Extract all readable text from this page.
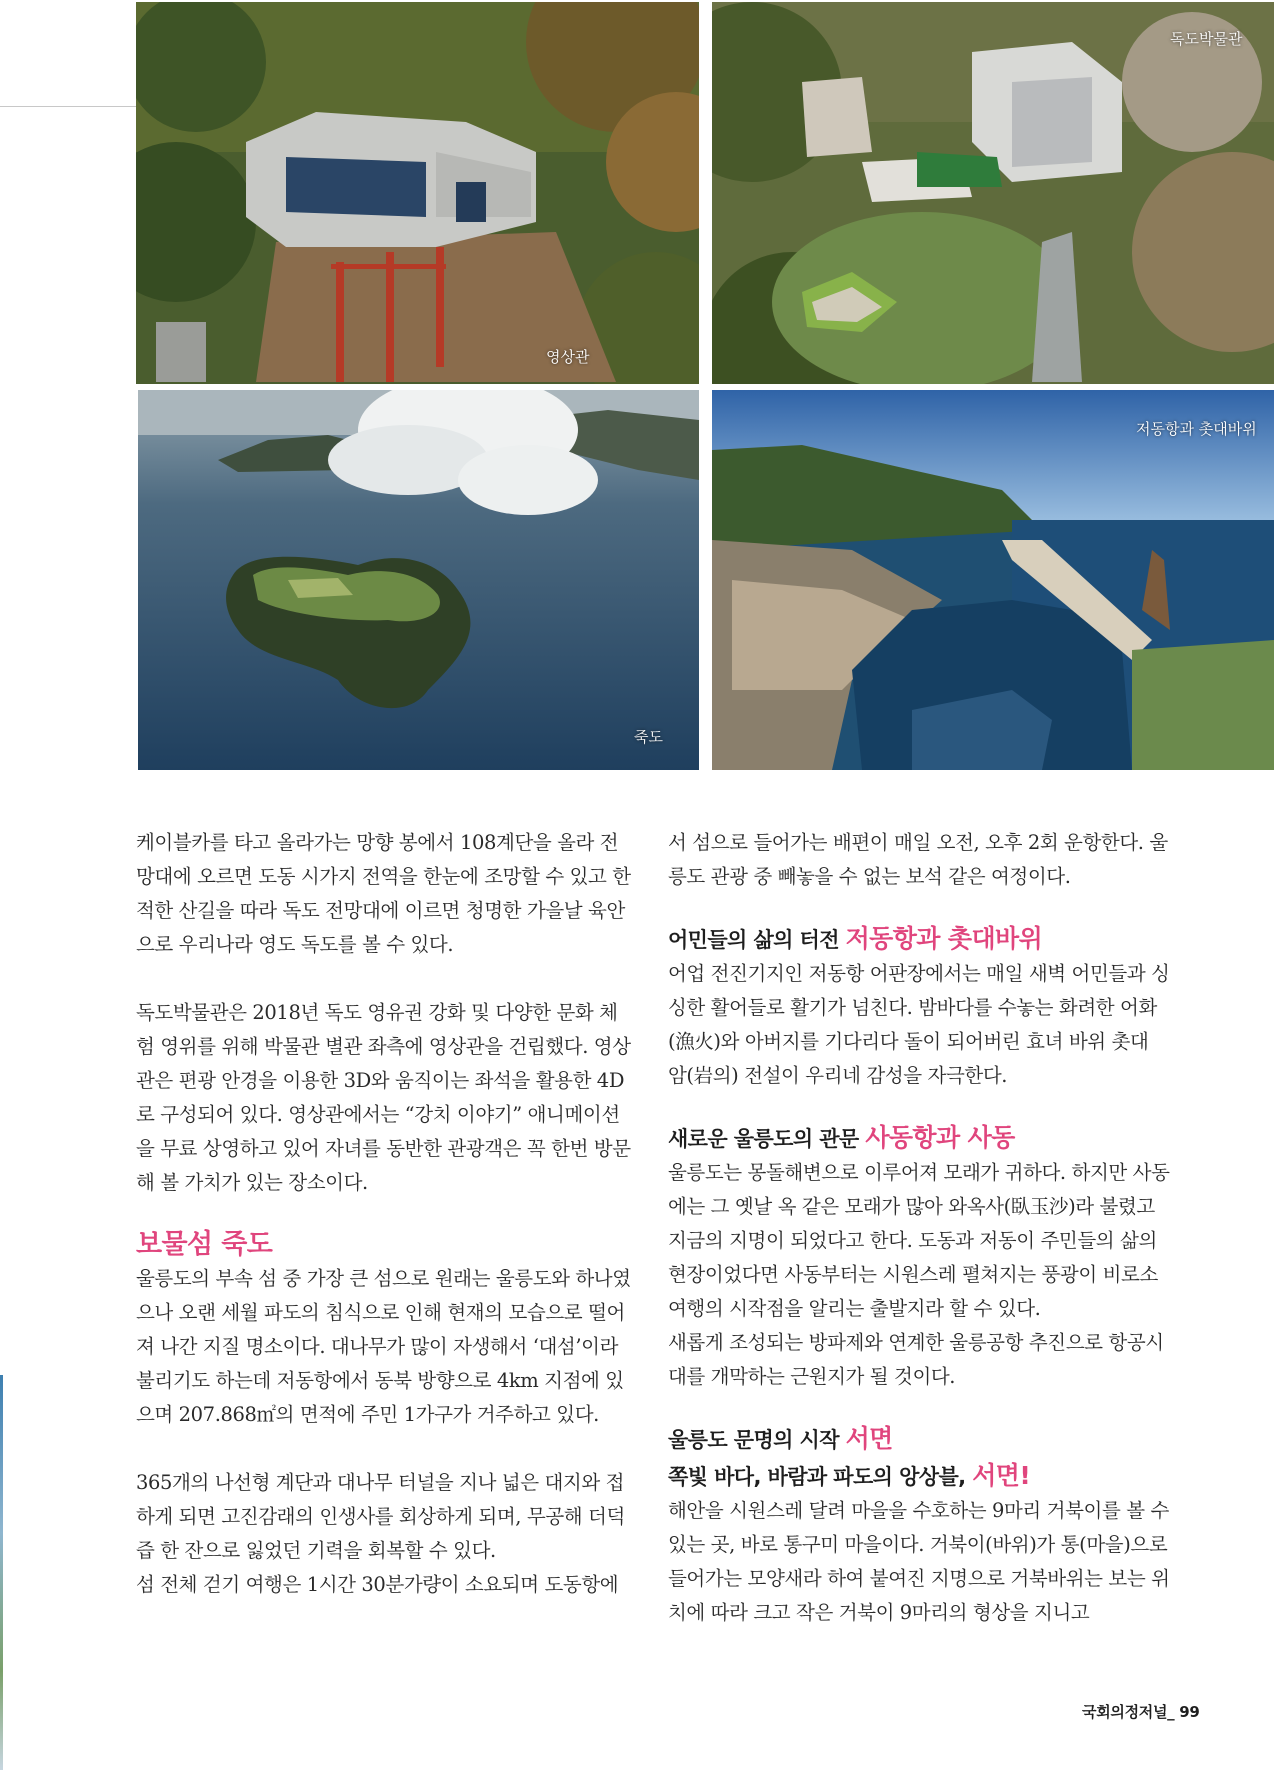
영상관
독도박물관
죽도
저동항과 촛대바위

케이블카를 타고 올라가는 망향 봉에서 108계단을 올라 전망대에 오르면 도동 시가지 전역을 한눈에 조망할 수 있고 한적한 산길을 따라 독도 전망대에 이르면 청명한 가을날 육안으로 우리나라 영도 독도를 볼 수 있다.

독도박물관은 2018년 독도 영유권 강화 및 다양한 문화 체험 영위를 위해 박물관 별관 좌측에 영상관을 건립했다. 영상관은 편광 안경을 이용한 3D와 움직이는 좌석을 활용한 4D로 구성되어 있다. 영상관에서는 “강치 이야기” 애니메이션을 무료 상영하고 있어 자녀를 동반한 관광객은 꼭 한번 방문해 볼 가치가 있는 장소이다.

보물섬 죽도

울릉도의 부속 섬 중 가장 큰 섬으로 원래는 울릉도와 하나였으나 오랜 세월 파도의 침식으로 인해 현재의 모습으로 떨어져 나간 지질 명소이다. 대나무가 많이 자생해서 ‘대섬’이라 불리기도 하는데 저동항에서 동북 방향으로 4km 지점에 있으며 207.868㎡의 면적에 주민 1가구가 거주하고 있다.

365개의 나선형 계단과 대나무 터널을 지나 넓은 대지와 접하게 되면 고진감래의 인생사를 회상하게 되며, 무공해 더덕즙 한 잔으로 잃었던 기력을 회복할 수 있다.

섬 전체 걷기 여행은 1시간 30분가량이 소요되며 도동항에

서 섬으로 들어가는 배편이 매일 오전, 오후 2회 운항한다. 울릉도 관광 중 빼놓을 수 없는 보석 같은 여정이다.

어민들의 삶의 터전 저동항과 촛대바위

어업 전진기지인 저동항 어판장에서는 매일 새벽 어민들과 싱싱한 활어들로 활기가 넘친다. 밤바다를 수놓는 화려한 어화(漁火)와 아버지를 기다리다 돌이 되어버린 효녀 바위 촛대 암(岩의) 전설이 우리네 감성을 자극한다.

새로운 울릉도의 관문 사동항과 사동

울릉도는 몽돌해변으로 이루어져 모래가 귀하다. 하지만 사동에는 그 옛날 옥 같은 모래가 많아 와옥사(臥玉沙)라 불렸고 지금의 지명이 되었다고 한다. 도동과 저동이 주민들의 삶의 현장이었다면 사동부터는 시원스레 펼쳐지는 풍광이 비로소 여행의 시작점을 알리는 출발지라 할 수 있다.

새롭게 조성되는 방파제와 연계한 울릉공항 추진으로 항공시대를 개막하는 근원지가 될 것이다.

울릉도 문명의 시작 서면
쪽빛 바다, 바람과 파도의 앙상블, 서면!

해안을 시원스레 달려 마을을 수호하는 9마리 거북이를 볼 수 있는 곳, 바로 통구미 마을이다. 거북이(바위)가 통(마을)으로 들어가는 모양새라 하여 붙여진 지명으로 거북바위는 보는 위치에 따라 크고 작은 거북이 9마리의 형상을 지니고

국회의정저널_ 99
